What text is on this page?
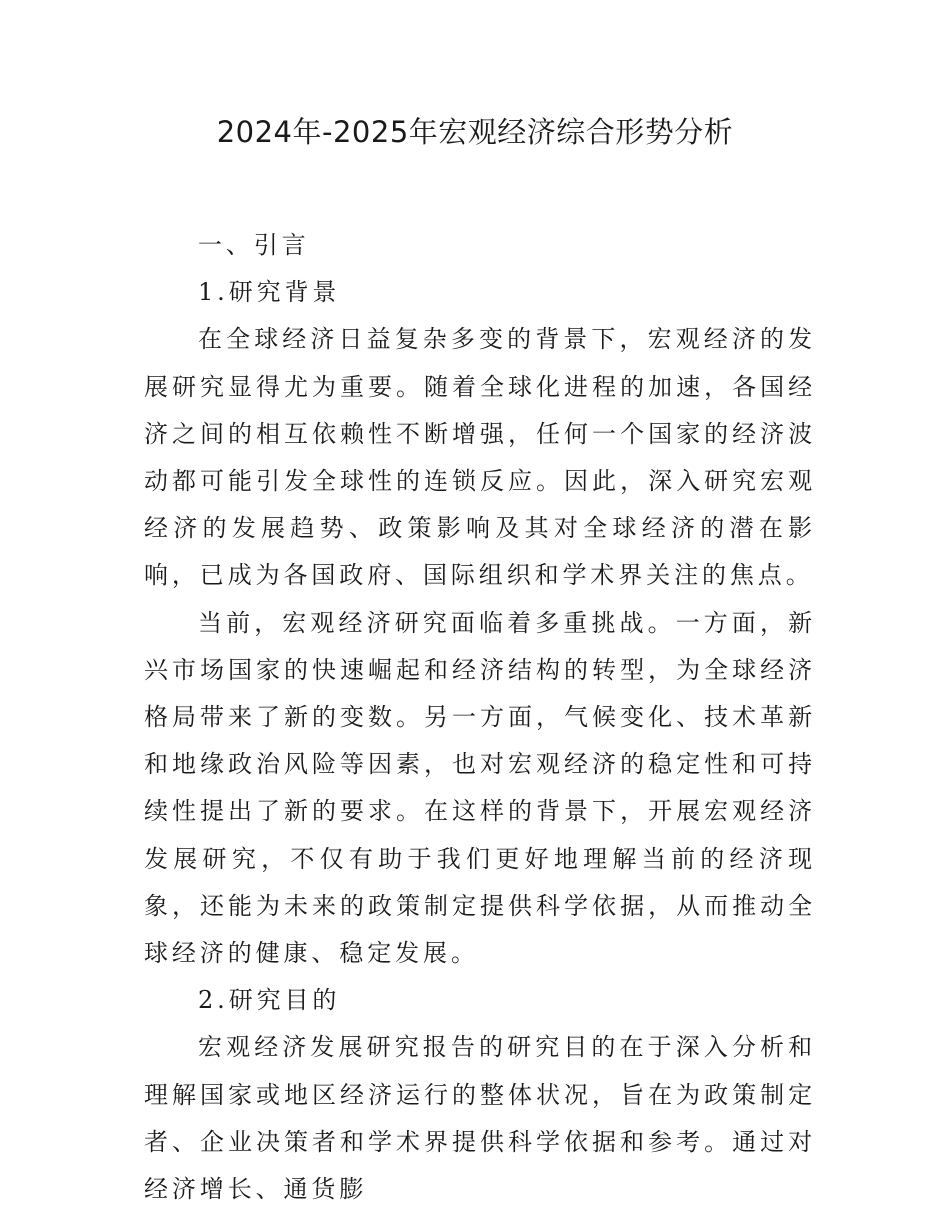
2024年-2025年宏观经济综合形势分析

一、引言

1.研究背景

在全球经济日益复杂多变的背景下，宏观经济的发展研究显得尤为重要。随着全球化进程的加速，各国经济之间的相互依赖性不断增强，任何一个国家的经济波动都可能引发全球性的连锁反应。因此，深入研究宏观经济的发展趋势、政策影响及其对全球经济的潜在影响，已成为各国政府、国际组织和学术界关注的焦点。

当前，宏观经济研究面临着多重挑战。一方面，新兴市场国家的快速崛起和经济结构的转型，为全球经济格局带来了新的变数。另一方面，气候变化、技术革新和地缘政治风险等因素，也对宏观经济的稳定性和可持续性提出了新的要求。在这样的背景下，开展宏观经济发展研究，不仅有助于我们更好地理解当前的经济现象，还能为未来的政策制定提供科学依据，从而推动全球经济的健康、稳定发展。

2.研究目的

宏观经济发展研究报告的研究目的在于深入分析和理解国家或地区经济运行的整体状况，旨在为政策制定者、企业决策者和学术界提供科学依据和参考。通过对经济增长、通货膨
